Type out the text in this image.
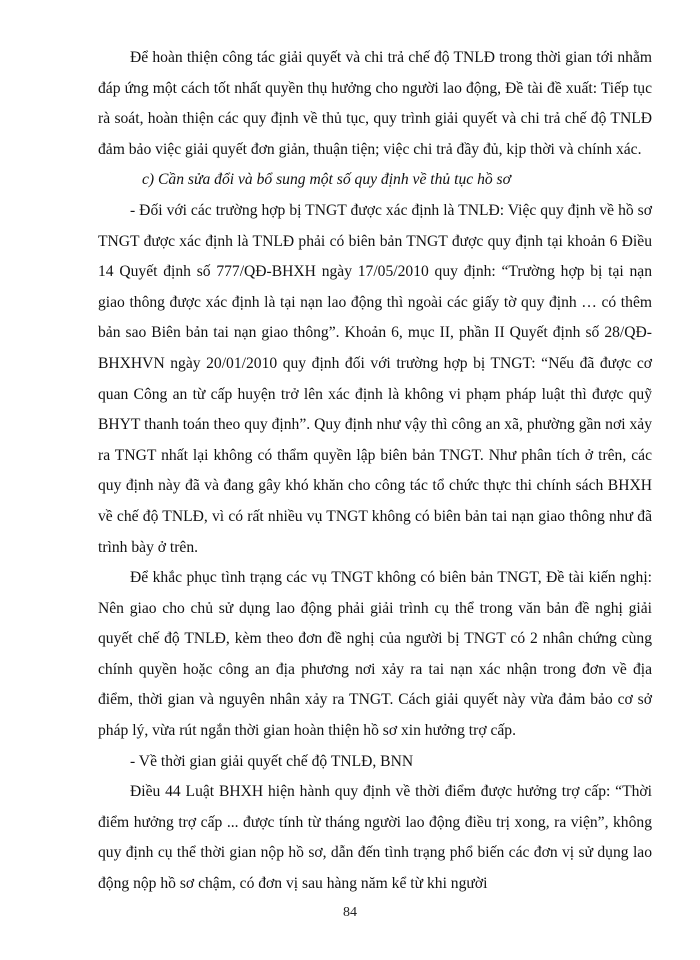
Để hoàn thiện công tác giải quyết và chi trả chế độ TNLĐ trong thời gian tới nhằm đáp ứng một cách tốt nhất quyền thụ hưởng cho người lao động, Đề tài đề xuất: Tiếp tục rà soát, hoàn thiện các quy định về thủ tục, quy trình giải quyết và chi trả chế độ TNLĐ đảm bảo việc giải quyết đơn giản, thuận tiện; việc chi trả đầy đủ, kịp thời và chính xác.

c) Cần sửa đổi và bổ sung một số quy định về thủ tục hồ sơ

- Đối với các trường hợp bị TNGT được xác định là TNLĐ: Việc quy định về hồ sơ TNGT được xác định là TNLĐ phải có biên bản TNGT được quy định tại khoản 6 Điều 14 Quyết định số 777/QĐ-BHXH ngày 17/05/2010 quy định: “Trường hợp bị tại nạn giao thông được xác định là tại nạn lao động thì ngoài các giấy tờ quy định … có thêm bản sao Biên bản tai nạn giao thông”. Khoản 6, mục II, phần II Quyết định số 28/QĐ-BHXHVN ngày 20/01/2010 quy định đối với trường hợp bị TNGT: “Nếu đã được cơ quan Công an từ cấp huyện trở lên xác định là không vi phạm pháp luật thì được quỹ BHYT thanh toán theo quy định”. Quy định như vậy thì công an xã, phường gần nơi xảy ra TNGT nhất lại không có thẩm quyền lập biên bản TNGT. Như phân tích ở trên, các quy định này đã và đang gây khó khăn cho công tác tổ chức thực thi chính sách BHXH về chế độ TNLĐ, vì có rất nhiều vụ TNGT không có biên bản tai nạn giao thông như đã trình bày ở trên.

Để khắc phục tình trạng các vụ TNGT không có biên bản TNGT, Đề tài kiến nghị: Nên giao cho chủ sử dụng lao động phải giải trình cụ thể trong văn bản đề nghị giải quyết chế độ TNLĐ, kèm theo đơn đề nghị của người bị TNGT có 2 nhân chứng cùng chính quyền hoặc công an địa phương nơi xảy ra tai nạn xác nhận trong đơn về địa điểm, thời gian và nguyên nhân xảy ra TNGT. Cách giải quyết này vừa đảm bảo cơ sở pháp lý, vừa rút ngắn thời gian hoàn thiện hồ sơ xin hưởng trợ cấp.

- Về thời gian giải quyết chế độ TNLĐ, BNN

Điều 44 Luật BHXH hiện hành quy định về thời điểm được hưởng trợ cấp: “Thời điểm hưởng trợ cấp ... được tính từ tháng người lao động điều trị xong, ra viện”, không quy định cụ thể thời gian nộp hồ sơ, dẫn đến tình trạng phổ biến các đơn vị sử dụng lao động nộp hồ sơ chậm, có đơn vị sau hàng năm kể từ khi người

84
